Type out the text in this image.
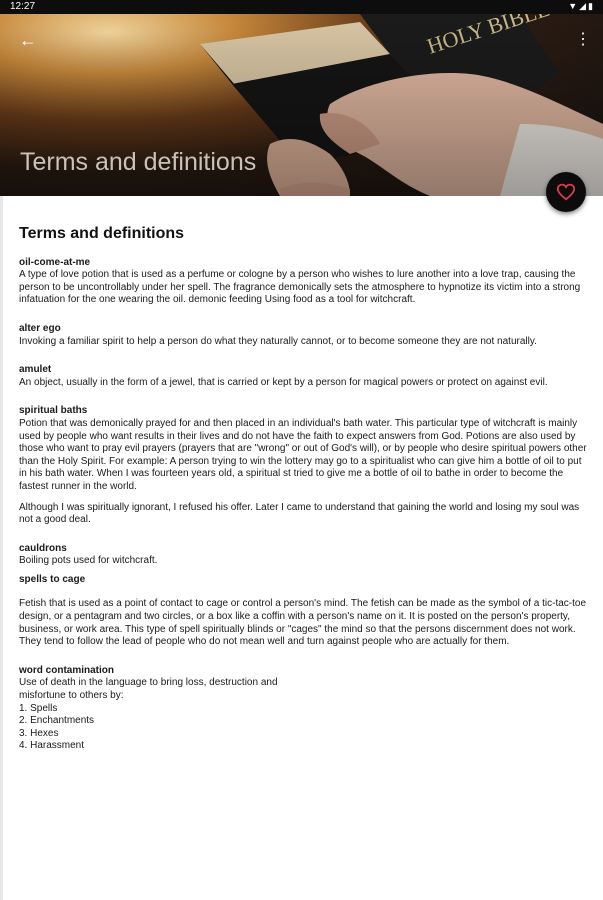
12:27	▼◢▮
←	⋮
Terms and definitions
Terms and definitions
oil-come-at-me

A type of love potion that is used as a perfume or cologne by a person who wishes to lure another into a love trap, causing the person to be uncontrollably under her spell. The fragrance demonically sets the atmosphere to hypnotize its victim into a strong infatuation for the one wearing the oil. demonic feeding Using food as a tool for witchcraft.

alter ego

Invoking a familiar spirit to help a person do what they naturally cannot, or to become someone they are not naturally.

amulet

An object, usually in the form of a jewel, that is carried or kept by a person for magical powers or protect on against evil.

spiritual baths

Potion that was demonically prayed for and then placed in an individual's bath water. This particular type of witchcraft is mainly used by people who want results in their lives and do not have the faith to expect answers from God. Potions are also used by those who want to pray evil prayers (prayers that are "wrong" or out of God's will), or by people who desire spiritual powers other than the Holy Spirit. For example: A person trying to win the lottery may go to a spiritualist who can give him a bottle of oil to put in his bath water. When I was fourteen years old, a spiritual st tried to give me a bottle of oil to bathe in order to become the fastest runner in the world.

Although I was spiritually ignorant, I refused his offer. Later I came to understand that gaining the world and losing my soul was not a good deal.

cauldrons

Boiling pots used for witchcraft.

spells to cage

Fetish that is used as a point of contact to cage or control a person's mind. The fetish can be made as the symbol of a tic-tac-toe design, or a pentagram and two circles, or a box like a coffin with a person's name on it. It is posted on the person's property, business, or work area. This type of spell spiritually blinds or "cages" the mind so that the persons discernment does not work. They tend to follow the lead of people who do not mean well and turn against people who are actually for them.

word contamination

Use of death in the language to bring loss, destruction and misfortune to others by:

1. Spells
2. Enchantments
3. Hexes
4. Harassment
